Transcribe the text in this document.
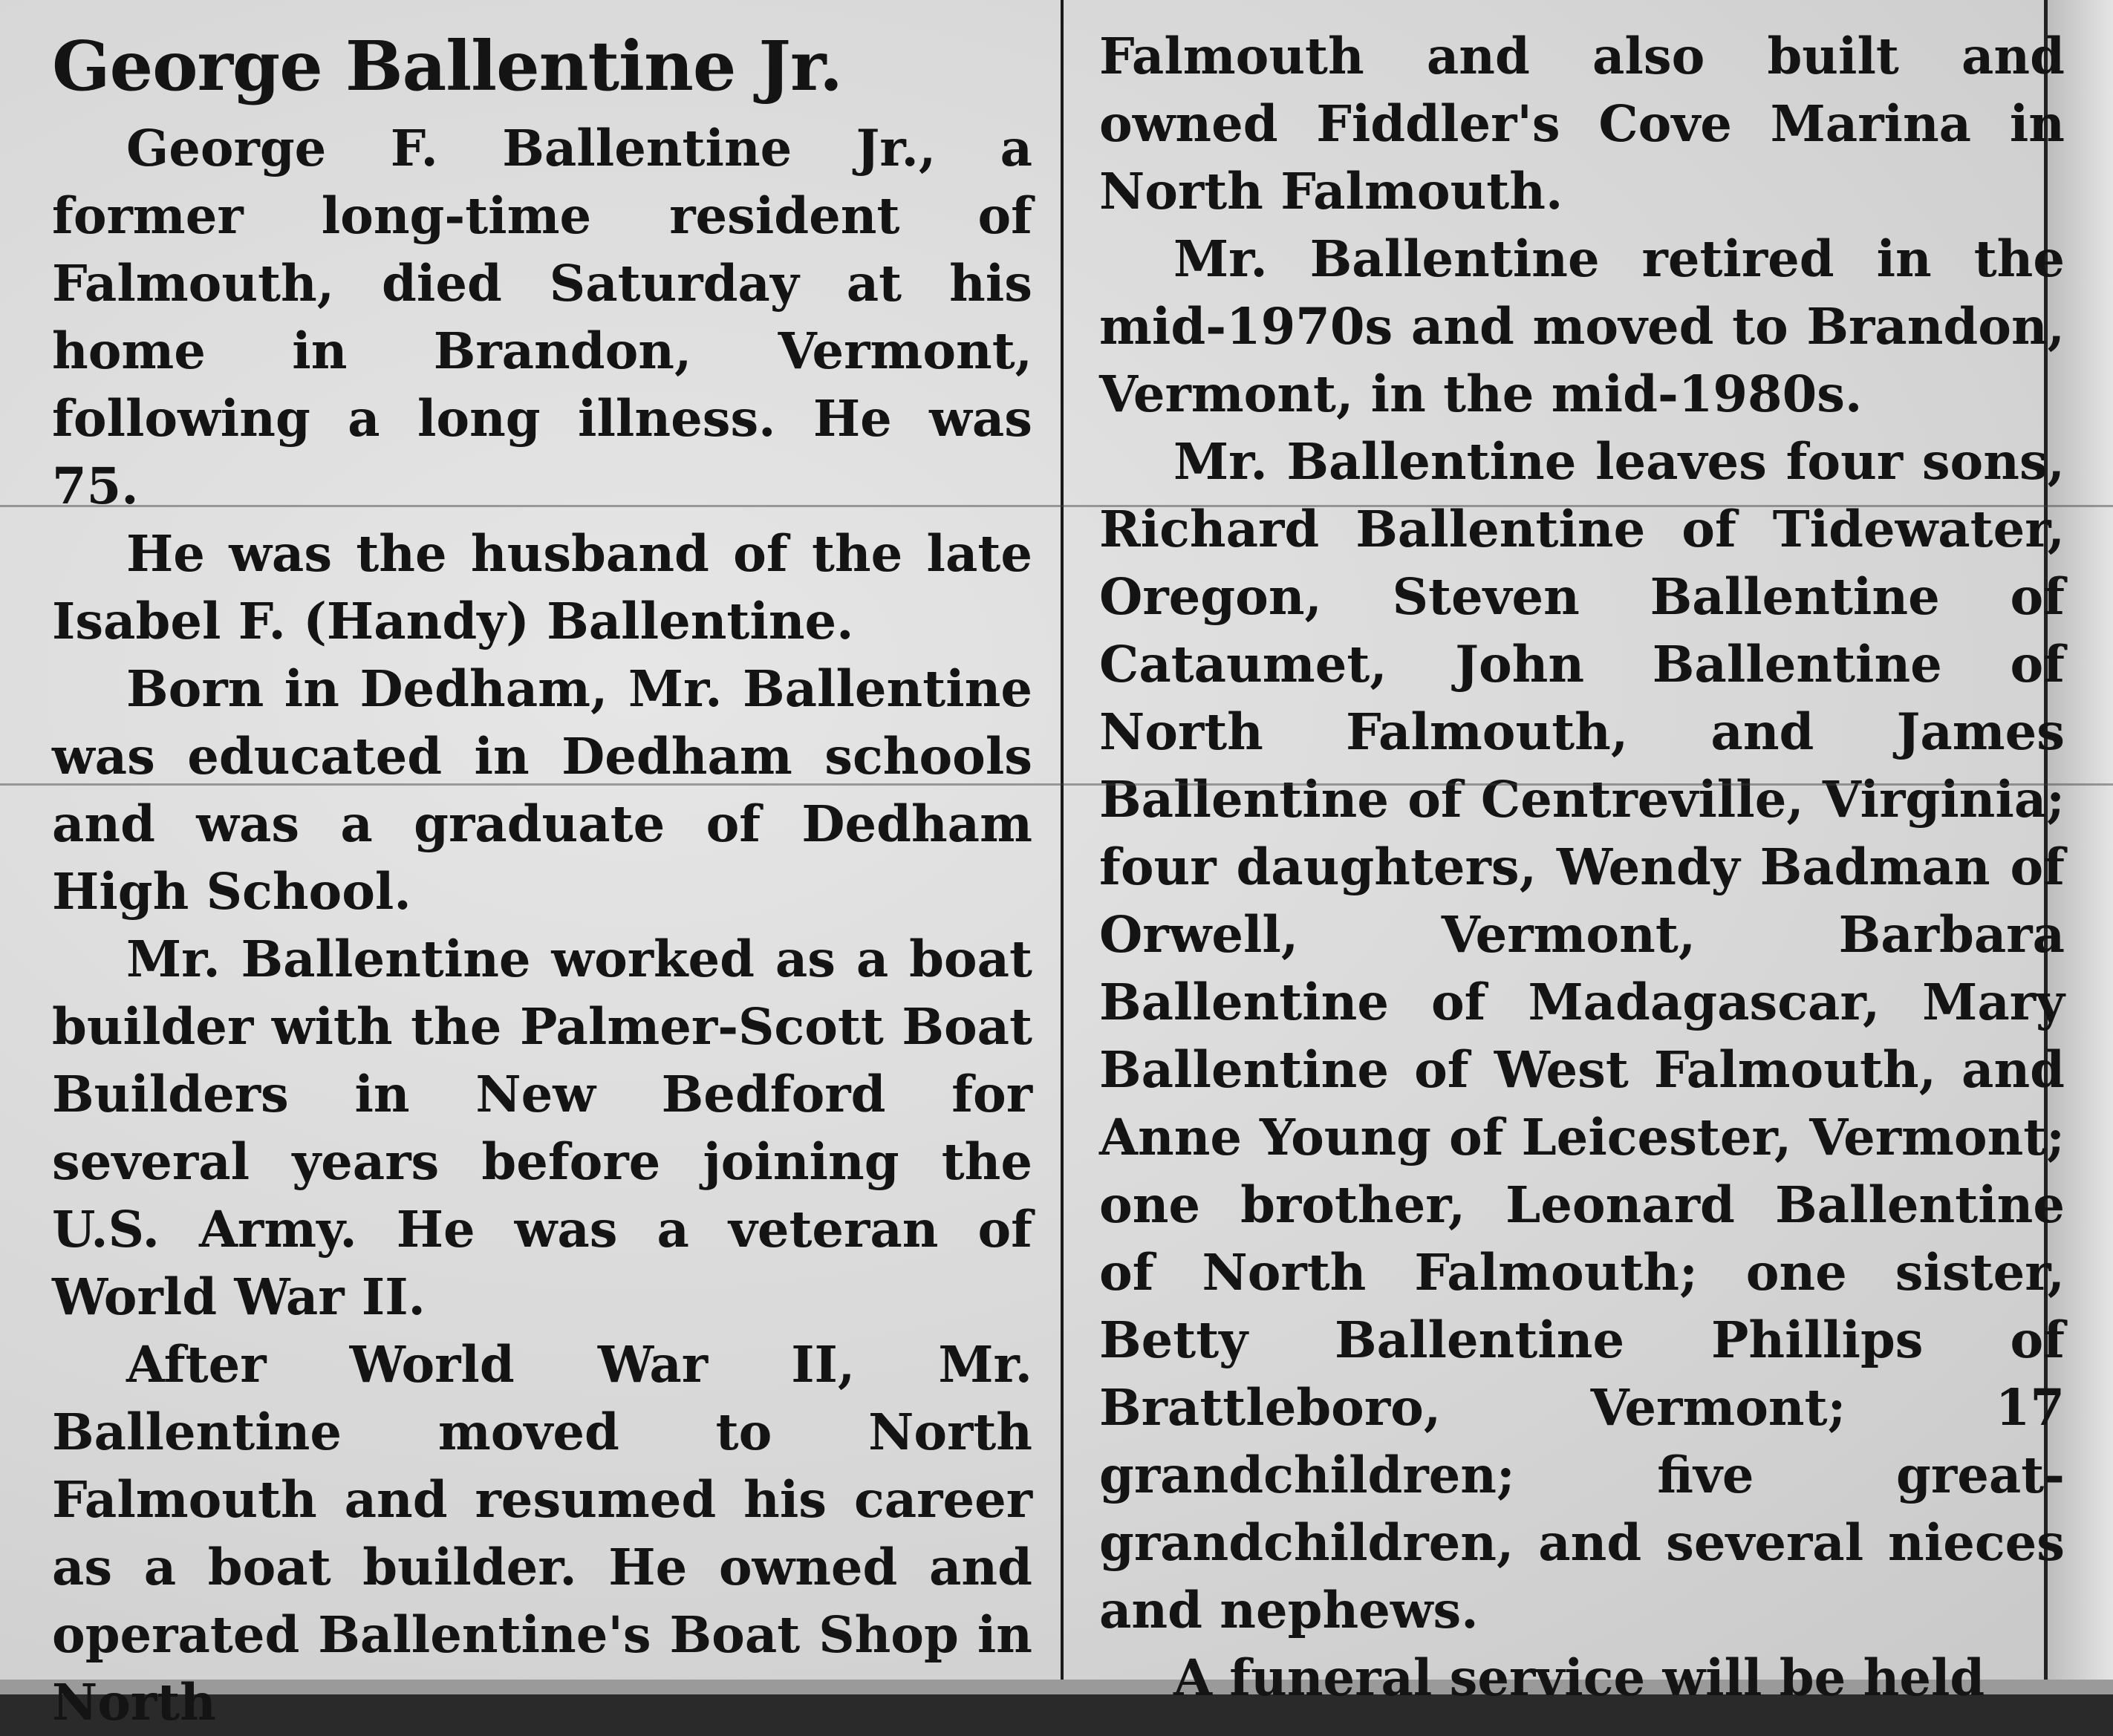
George Ballentine Jr.

George F. Ballentine Jr., a former long-time resident of Falmouth, died Saturday at his home in Brandon, Vermont, following a long illness. He was 75.

He was the husband of the late Isabel F. (Handy) Ballentine.

Born in Dedham, Mr. Ballentine was educated in Dedham schools and was a graduate of Dedham High School.

Mr. Ballentine worked as a boat builder with the Palmer-Scott Boat Builders in New Bedford for several years before joining the U.S. Army. He was a veteran of World War II.

After World War II, Mr. Ballentine moved to North Falmouth and resumed his career as a boat builder. He owned and operated Ballentine's Boat Shop in North

Falmouth and also built and owned Fiddler's Cove Marina in North Falmouth.

Mr. Ballentine retired in the mid-1970s and moved to Brandon, Vermont, in the mid-1980s.

Mr. Ballentine leaves four sons, Richard Ballentine of Tidewater, Oregon, Steven Ballentine of Cataumet, John Ballentine of North Falmouth, and James Ballentine of Centreville, Virginia; four daughters, Wendy Badman of Orwell, Vermont, Barbara Ballentine of Madagascar, Mary Ballentine of West Falmouth, and Anne Young of Leicester, Vermont; one brother, Leonard Ballentine of North Falmouth; one sister, Betty Ballentine Phillips of Brattleboro, Vermont; 17 grandchildren; five great-grandchildren, and several nieces and nephews.

A funeral service will be held
